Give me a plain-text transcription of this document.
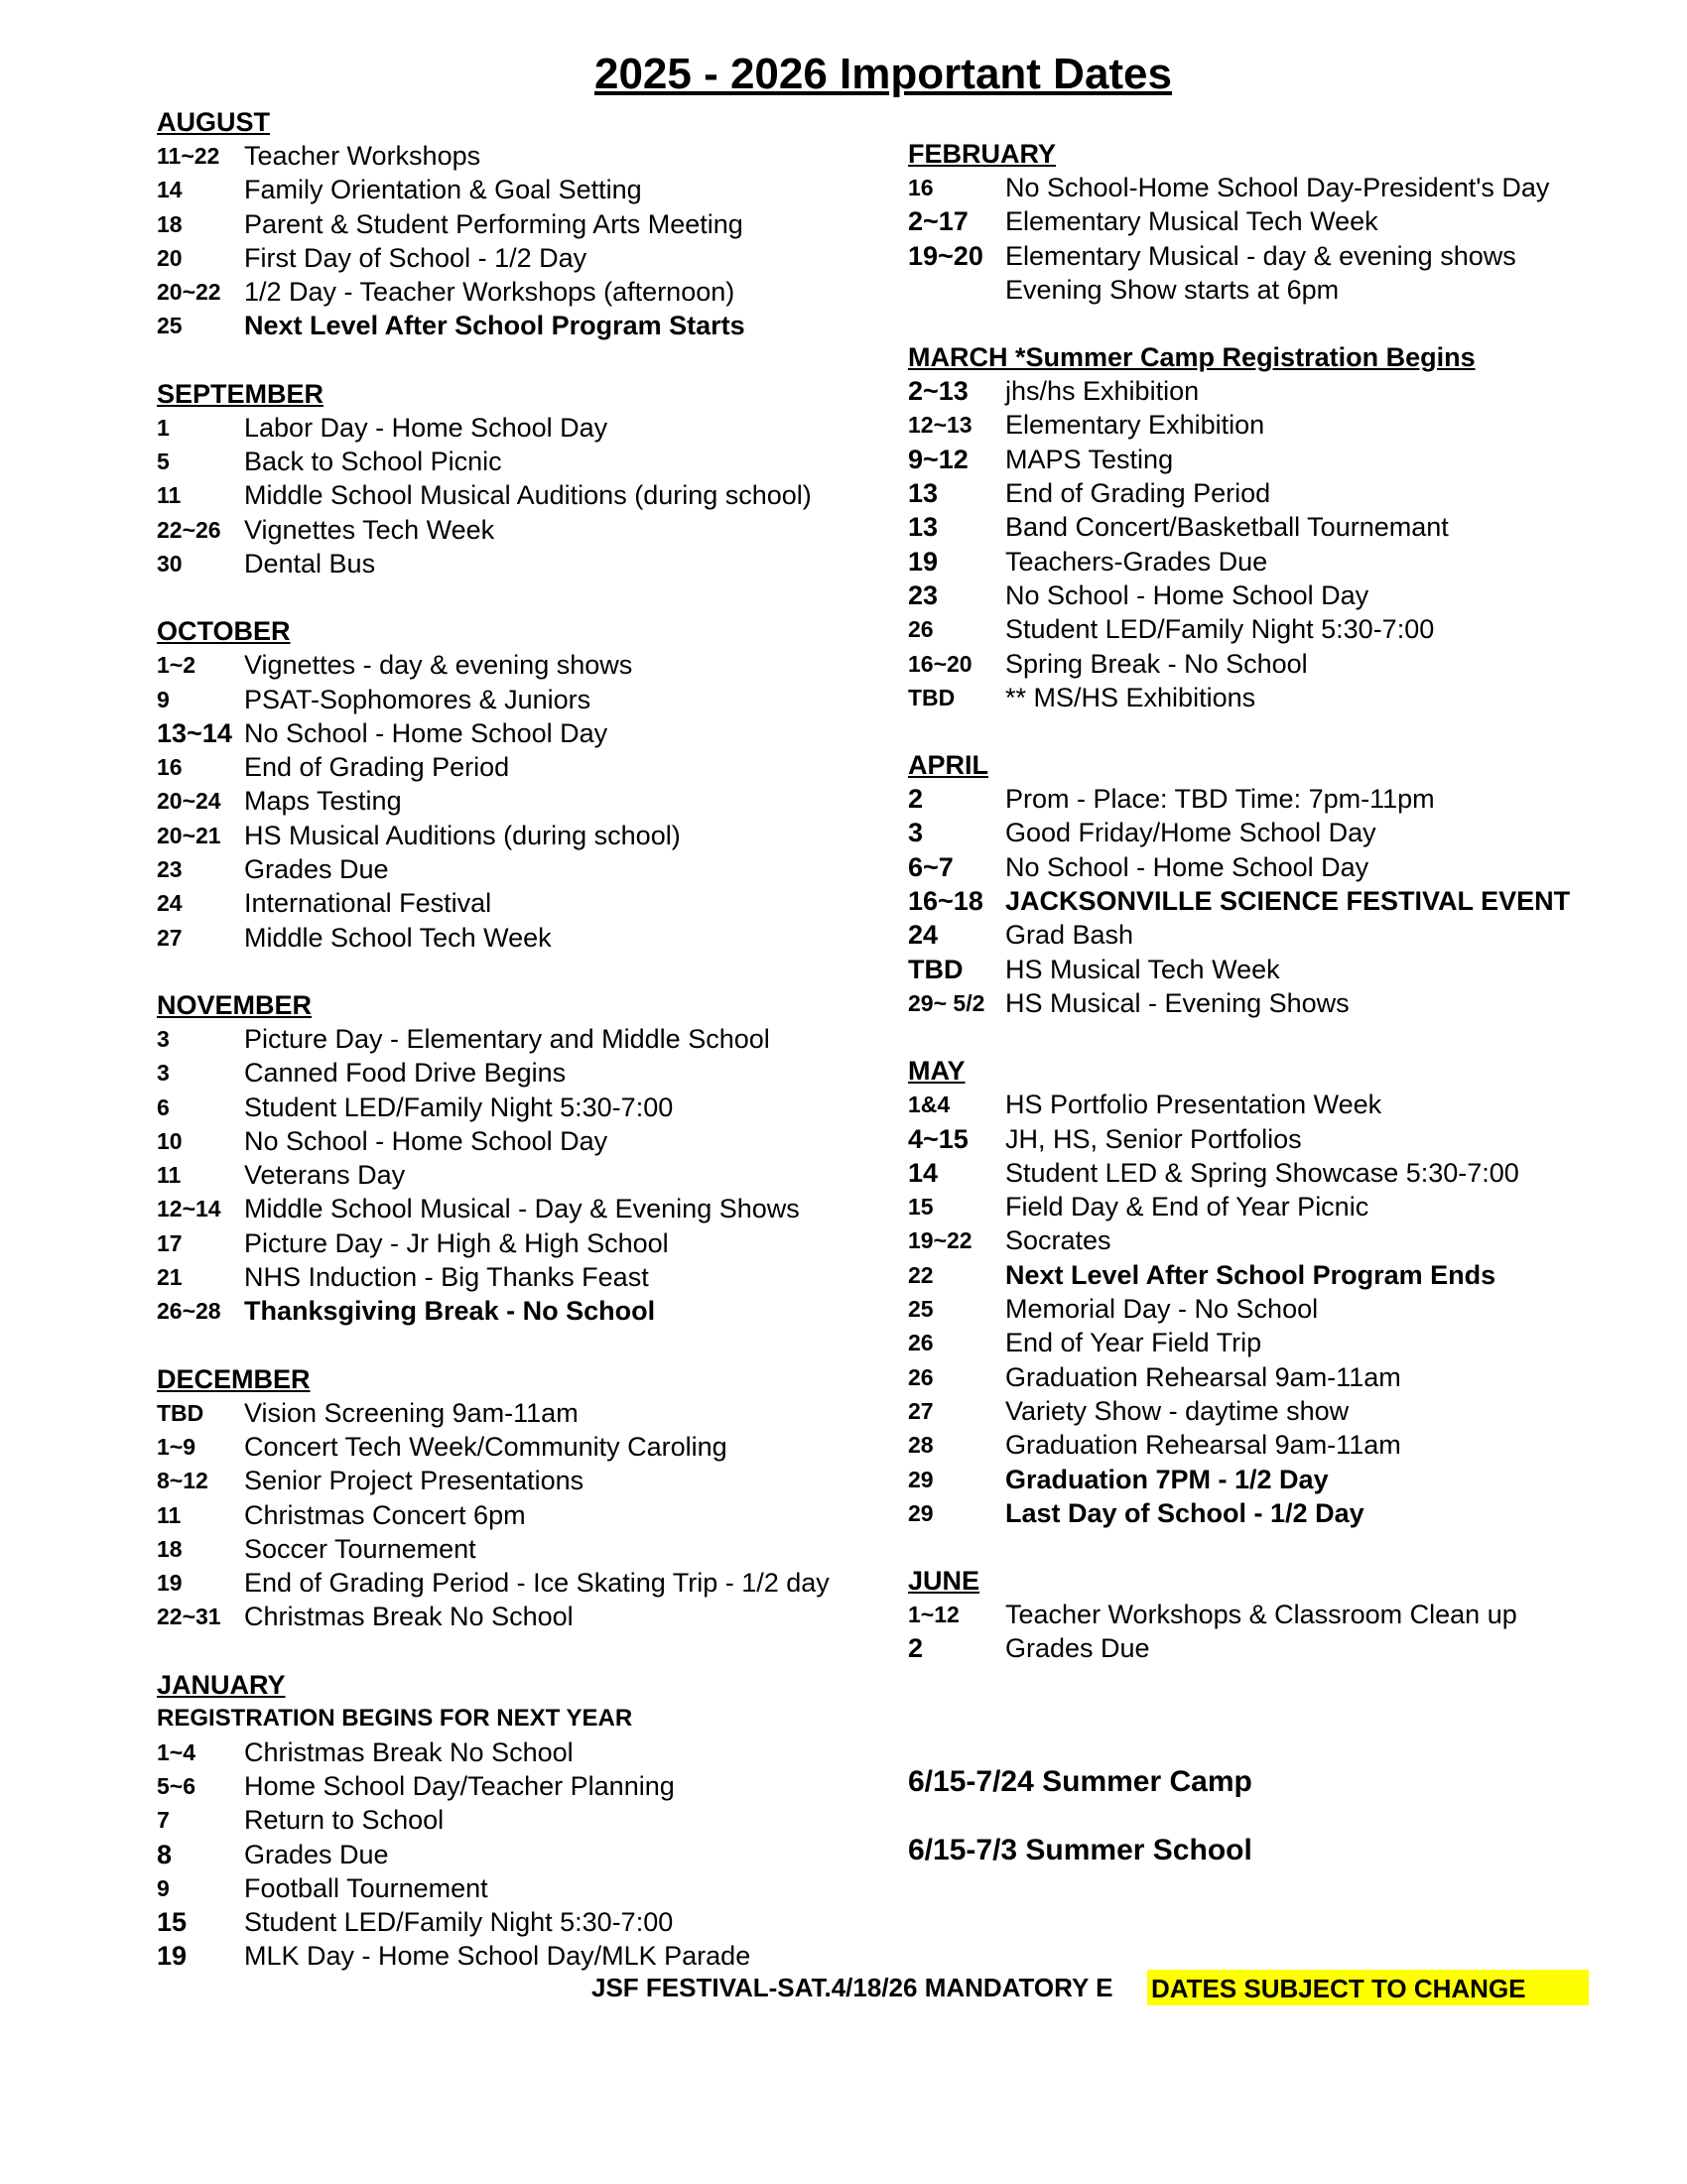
2025 - 2026 Important Dates
AUGUST
11~22 Teacher Workshops
14	Family Orientation & Goal Setting
18	Parent & Student Performing Arts Meeting
20	First Day of School - 1/2 Day
20~22 1/2 Day - Teacher Workshops (afternoon)
25	Next Level After School Program Starts
SEPTEMBER
1	Labor Day - Home School Day
5	Back to School Picnic
11	Middle School Musical Auditions (during school)
22~26 Vignettes Tech Week
30	Dental Bus
OCTOBER
1~2	Vignettes - day & evening shows
9	PSAT-Sophomores & Juniors
13~14 No School - Home School Day
16	End of Grading Period
20~24 Maps Testing
20~21 HS Musical Auditions (during school)
23	Grades Due
24	International Festival
27	Middle School Tech Week
NOVEMBER
3	Picture Day - Elementary and Middle School
3	Canned Food Drive Begins
6	Student LED/Family Night 5:30-7:00
10	No School - Home School Day
11	Veterans Day
12~14 Middle School Musical - Day & Evening Shows
17	Picture Day - Jr High & High School
21	NHS Induction - Big Thanks Feast
26~28 Thanksgiving Break - No School
DECEMBER
TBD	Vision Screening 9am-11am
1~9	Concert Tech Week/Community Caroling
8~12	Senior Project Presentations
11	Christmas Concert 6pm
18	Soccer Tournement
19	End of Grading Period - Ice Skating Trip - 1/2 day
22~31 Christmas Break No School
JANUARY
REGISTRATION BEGINS FOR NEXT YEAR
1~4	Christmas Break No School
5~6	Home School Day/Teacher Planning
7	Return to School
8	Grades Due
9	Football Tournement
15	Student LED/Family Night 5:30-7:00
19	MLK Day - Home School Day/MLK Parade
FEBRUARY
16	No School-Home School Day-President's Day
2~17	Elementary Musical Tech Week
19~20 Elementary Musical - day & evening shows
Evening Show starts at 6pm
MARCH *Summer Camp Registration Begins
2~13	jhs/hs Exhibition
12~13	Elementary Exhibition
9~12	MAPS Testing
13	End of Grading Period
13	Band Concert/Basketball Tournemant
19	Teachers-Grades Due
23	No School - Home School Day
26	Student LED/Family Night 5:30-7:00
16~20	Spring Break - No School
TBD	** MS/HS Exhibitions
APRIL
2	Prom - Place: TBD Time: 7pm-11pm
3	Good Friday/Home School Day
6~7	No School - Home School Day
16~18 JACKSONVILLE SCIENCE FESTIVAL EVENT
24	Grad Bash
TBD	HS Musical Tech Week
29~ 5/2 HS Musical - Evening Shows
MAY
1&4	HS Portfolio Presentation Week
4~15	JH, HS, Senior Portfolios
14	Student LED & Spring Showcase 5:30-7:00
15	Field Day & End of Year Picnic
19~22	Socrates
22	Next Level After School Program Ends
25	Memorial Day - No School
26	End of Year Field Trip
26	Graduation Rehearsal 9am-11am
27	Variety Show - daytime show
28	Graduation Rehearsal 9am-11am
29	Graduation 7PM - 1/2 Day
29	Last Day of School - 1/2 Day
JUNE
1~12	Teacher Workshops & Classroom Clean up
2	Grades Due
6/15-7/24 Summer Camp
6/15-7/3 Summer School
JSF FESTIVAL-SAT.4/18/26 MANDATORY E DATES SUBJECT TO CHANGE
